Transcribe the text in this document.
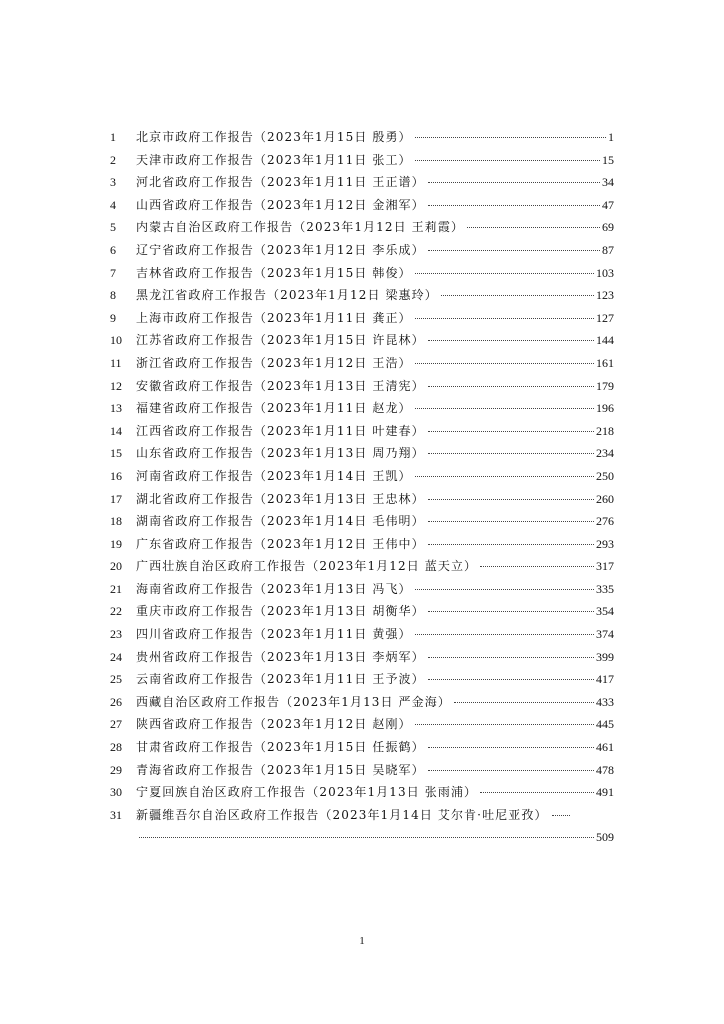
1	北京市政府工作报告（2023年1月15日 殷勇）	1
2	天津市政府工作报告（2023年1月11日 张工）	15
3	河北省政府工作报告（2023年1月11日 王正谱）	34
4	山西省政府工作报告（2023年1月12日 金湘军）	47
5	内蒙古自治区政府工作报告（2023年1月12日 王莉霞）	69
6	辽宁省政府工作报告（2023年1月12日 李乐成）	87
7	吉林省政府工作报告（2023年1月15日 韩俊）	103
8	黑龙江省政府工作报告（2023年1月12日 梁惠玲）	123
9	上海市政府工作报告（2023年1月11日 龚正）	127
10	江苏省政府工作报告（2023年1月15日 许昆林）	144
11	浙江省政府工作报告（2023年1月12日 王浩）	161
12	安徽省政府工作报告（2023年1月13日 王清宪）	179
13	福建省政府工作报告（2023年1月11日 赵龙）	196
14	江西省政府工作报告（2023年1月11日 叶建春）	218
15	山东省政府工作报告（2023年1月13日 周乃翔）	234
16	河南省政府工作报告（2023年1月14日 王凯）	250
17	湖北省政府工作报告（2023年1月13日 王忠林）	260
18	湖南省政府工作报告（2023年1月14日 毛伟明）	276
19	广东省政府工作报告（2023年1月12日 王伟中）	293
20	广西壮族自治区政府工作报告（2023年1月12日 蓝天立）	317
21	海南省政府工作报告（2023年1月13日 冯飞）	335
22	重庆市政府工作报告（2023年1月13日 胡衡华）	354
23	四川省政府工作报告（2023年1月11日 黄强）	374
24	贵州省政府工作报告（2023年1月13日 李炳军）	399
25	云南省政府工作报告（2023年1月11日 王予波）	417
26	西藏自治区政府工作报告（2023年1月13日 严金海）	433
27	陕西省政府工作报告（2023年1月12日 赵刚）	445
28	甘肃省政府工作报告（2023年1月15日 任振鹤）	461
29	青海省政府工作报告（2023年1月15日 吴晓军）	478
30	宁夏回族自治区政府工作报告（2023年1月13日 张雨浦）	491
31	新疆维吾尔自治区政府工作报告（2023年1月14日 艾尔肯·吐尼亚孜）
509
1
